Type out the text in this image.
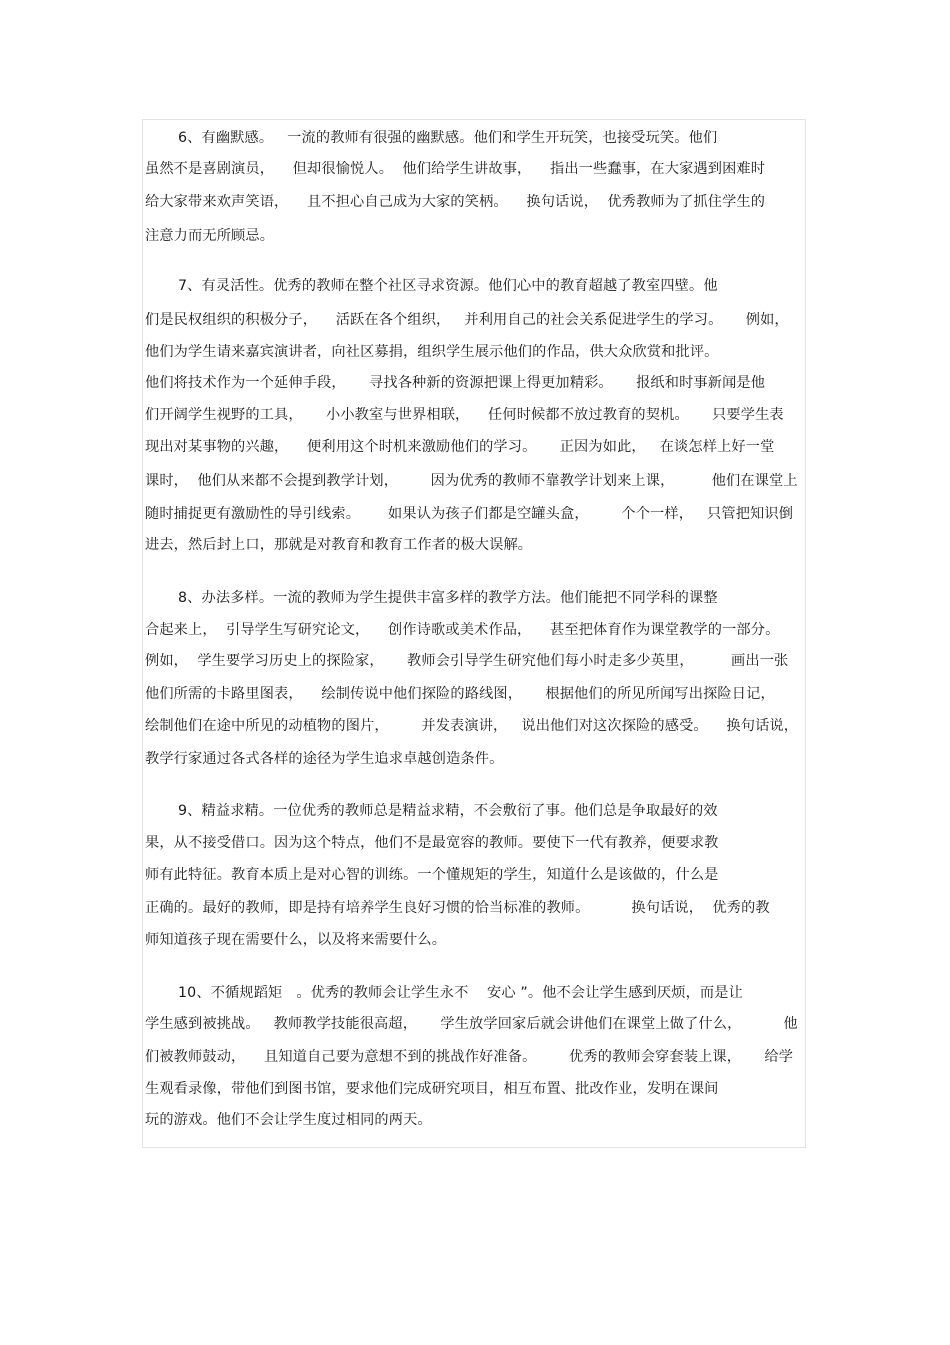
6、有幽默感。   一流的教师有很强的幽默感。他们和学生开玩笑，也接受玩笑。他们
虽然不是喜剧演员，    但却很愉悦人。  他们给学生讲故事，    指出一些蠢事，在大家遇到困难时
给大家带来欢声笑语，    且不担心自己成为大家的笑柄。    换句话说，  优秀教师为了抓住学生的
注意力而无所顾忌。
7、有灵活性。优秀的教师在整个社区寻求资源。他们心中的教育超越了教室四壁。他
们是民权组织的积极分子，    活跃在各个组织，   并利用自己的社会关系促进学生的学习。     例如，
他们为学生请来嘉宾演讲者，向社区募捐，组织学生展示他们的作品，供大众欣赏和批评。
他们将技术作为一个延伸手段，     寻找各种新的资源把课上得更加精彩。     报纸和时事新闻是他
们开阔学生视野的工具，     小小教室与世界相联，    任何时候都不放过教育的契机。     只要学生表
现出对某事物的兴趣，    便利用这个时机来激励他们的学习。     正因为如此，   在谈怎样上好一堂
课时，  他们从来都不会提到教学计划，       因为优秀的教师不靠教学计划来上课，        他们在课堂上
随时捕捉更有激励性的导引线索。      如果认为孩子们都是空罐头盒，       个个一样，   只管把知识倒
进去，然后封上口，那就是对教育和教育工作者的极大误解。
8、办法多样。一流的教师为学生提供丰富多样的教学方法。他们能把不同学科的课整
合起来上，  引导学生写研究论文，    创作诗歌或美术作品，    甚至把体育作为课堂教学的一部分。
例如，  学生要学习历史上的探险家，     教师会引导学生研究他们每小时走多少英里，        画出一张
他们所需的卡路里图表，    绘制传说中他们探险的路线图，     根据他们的所见所闻写出探险日记，
绘制他们在途中所见的动植物的图片，       并发表演讲，   说出他们对这次探险的感受。    换句话说，
教学行家通过各式各样的途径为学生追求卓越创造条件。
9、精益求精。一位优秀的教师总是精益求精，不会敷衍了事。他们总是争取最好的效
果，从不接受借口。因为这个特点，他们不是最宽容的教师。要使下一代有教养，便要求教
师有此特征。教育本质上是对心智的训练。一个懂规矩的学生，知道什么是该做的，什么是
正确的。最好的教师，即是持有培养学生良好习惯的恰当标准的教师。         换句话说，  优秀的教
师知道孩子现在需要什么，以及将来需要什么。
10、不循规蹈矩   。优秀的教师会让学生永不    安心 ”。他不会让学生感到厌烦，而是让
学生感到被挑战。   教师教学技能很高超，     学生放学回家后就会讲他们在课堂上做了什么，         他
们被教师鼓动，    且知道自己要为意想不到的挑战作好准备。       优秀的教师会穿套装上课，     给学
生观看录像，带他们到图书馆，要求他们完成研究项目，相互布置、批改作业，发明在课间
玩的游戏。他们不会让学生度过相同的两天。
